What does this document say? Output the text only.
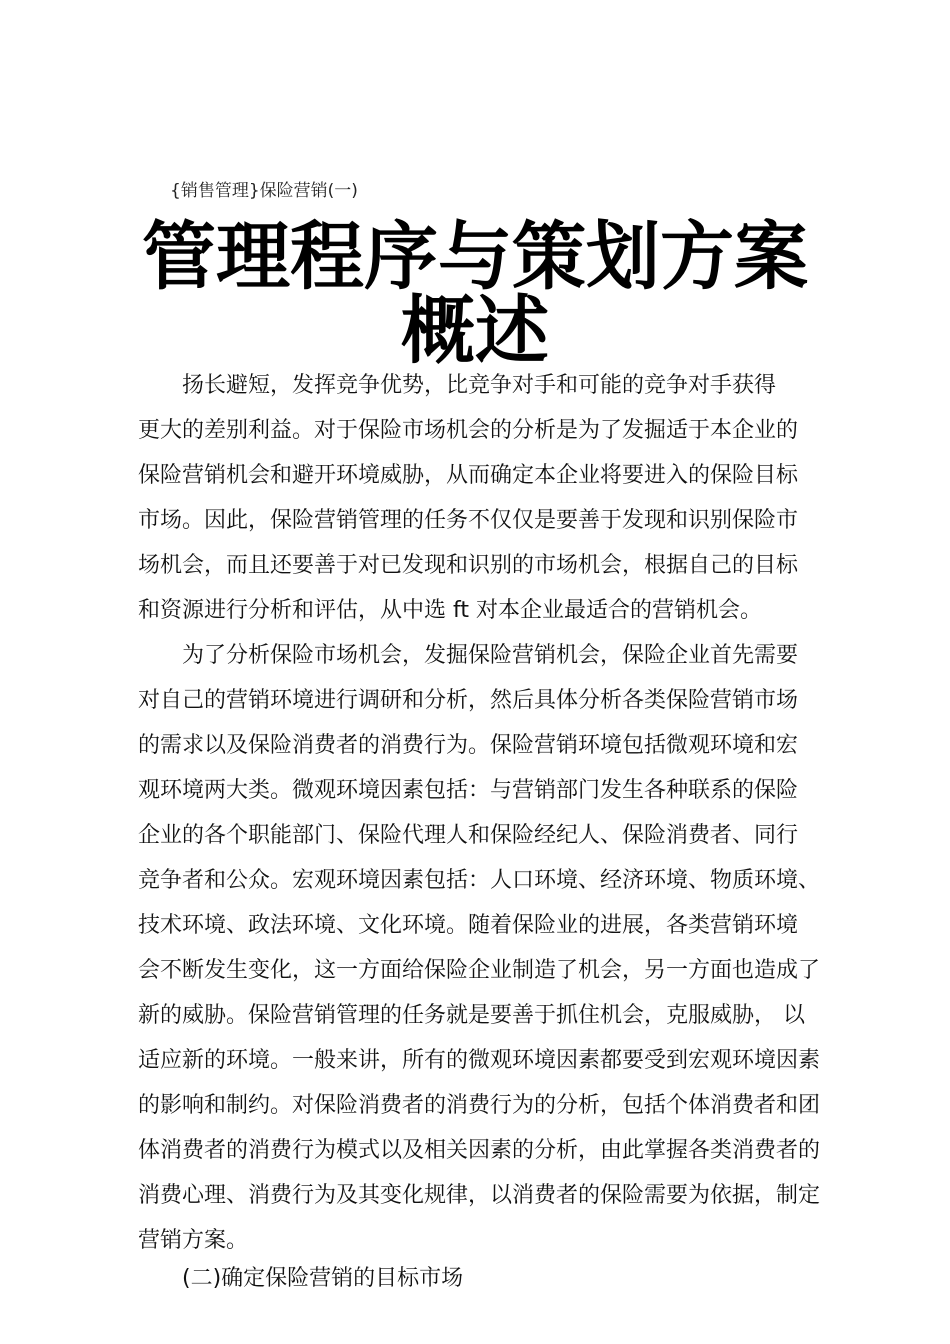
{销售管理}保险营销(一)
管理程序与策划方案
概述
扬长避短，发挥竞争优势，比竞争对手和可能的竞争对手获得
更大的差别利益。对于保险市场机会的分析是为了发掘适于本企业的
保险营销机会和避开环境威胁，从而确定本企业将要进入的保险目标
市场。因此，保险营销管理的任务不仅仅是要善于发现和识别保险市
场机会，而且还要善于对已发现和识别的市场机会，根据自己的目标
和资源进行分析和评估，从中选 ft 对本企业最适合的营销机会。
为了分析保险市场机会，发掘保险营销机会，保险企业首先需要
对自己的营销环境进行调研和分析，然后具体分析各类保险营销市场
的需求以及保险消费者的消费行为。保险营销环境包括微观环境和宏
观环境两大类。微观环境因素包括：与营销部门发生各种联系的保险
企业的各个职能部门、保险代理人和保险经纪人、保险消费者、同行
竞争者和公众。宏观环境因素包括：人口环境、经济环境、物质环境、
技术环境、政法环境、文化环境。随着保险业的进展，各类营销环境
会不断发生变化，这一方面给保险企业制造了机会，另一方面也造成了
新的威胁。保险营销管理的任务就是要善于抓住机会，克服威胁， 以
适应新的环境。一般来讲，所有的微观环境因素都要受到宏观环境因素
的影响和制约。对保险消费者的消费行为的分析，包括个体消费者和团
体消费者的消费行为模式以及相关因素的分析，由此掌握各类消费者的
消费心理、消费行为及其变化规律，以消费者的保险需要为依据，制定
营销方案。
(二)确定保险营销的目标市场
